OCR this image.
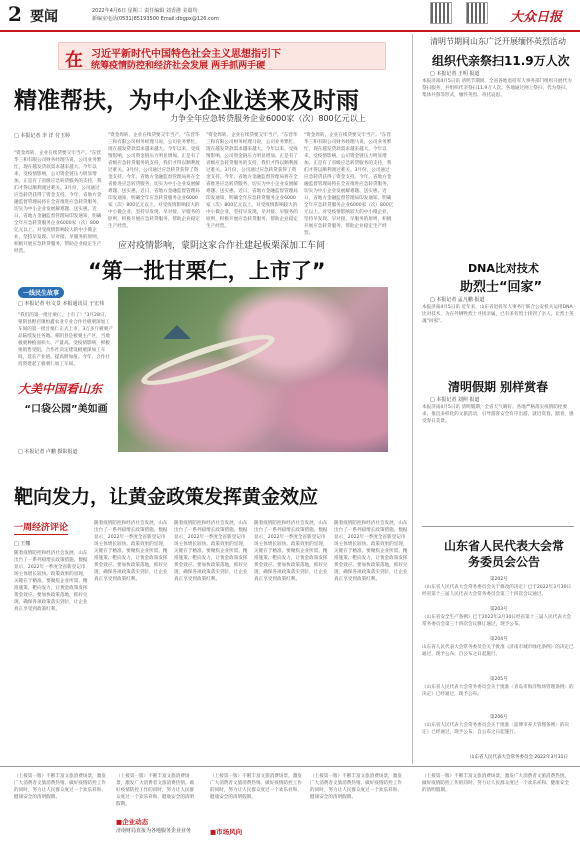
2 要闻	2022年4月6日 星期三 责任编辑 刘香港 美篇均
新编室电话(0531)85193500 Email:dbgpx@126.com	大众日报
在 习近平新时代中国特色社会主义思想指引下
统筹疫情防控和经济社会发展 两手抓两手硬
精准帮扶，为中小企业送来及时雨
力争全年应急转贷服务企业6000家（次）800亿元以上
□ 本报记者 李 洋 付玉婷
"资金周转、企业在续贷要交牢当产。"东营华三和有限公司财务经理马说，公司业务繁忙，现在越发贷款需求越来越大。今年以来，受疫情影响，公司资金链压力明显增加。正是有了省级应急转贷服务的支持，我们才得以顺利渡过难关。3月份，公司通过应急转贷获得了资金支持。今年，省地方金融监督管理局将在全省推进应急转贷服务，切实为中小企业发展解难题、送实惠。近日，省地方金融监督管理局印发通知，明确全年应急转贷服务企业6000家（次）800亿元以上。对受疫情影响较大的中小微企业，坚持早发现、早对接、早服务的原则，积极开展应急转贷服务，帮助企业稳定生产经营。
"资金周转、企业在续贷要交牢当产。"东营华三和有限公司财务经理马说，公司业务繁忙，现在越发贷款需求越来越大。今年以来，受疫情影响，公司资金链压力明显增加。正是有了省级应急转贷服务的支持，我们才得以顺利渡过难关。3月份，公司通过应急转贷获得了资金支持。今年，省地方金融监督管理局将在全省推进应急转贷服务，切实为中小企业发展解难题、送实惠。近日，省地方金融监督管理局印发通知，明确全年应急转贷服务企业6000家（次）800亿元以上。对受疫情影响较大的中小微企业，坚持早发现、早对接、早服务的原则，积极开展应急转贷服务，帮助企业稳定生产经营。
"资金周转、企业在续贷要交牢当产。"东营华三和有限公司财务经理马说，公司业务繁忙，现在越发贷款需求越来越大。今年以来，受疫情影响，公司资金链压力明显增加。正是有了省级应急转贷服务的支持，我们才得以顺利渡过难关。3月份，公司通过应急转贷获得了资金支持。今年，省地方金融监督管理局将在全省推进应急转贷服务，切实为中小企业发展解难题、送实惠。近日，省地方金融监督管理局印发通知，明确全年应急转贷服务企业6000家（次）800亿元以上。对受疫情影响较大的中小微企业，坚持早发现、早对接、早服务的原则，积极开展应急转贷服务，帮助企业稳定生产经营。
"资金周转、企业在续贷要交牢当产。"东营华三和有限公司财务经理马说，公司业务繁忙，现在越发贷款需求越来越大。今年以来，受疫情影响，公司资金链压力明显增加。正是有了省级应急转贷服务的支持，我们才得以顺利渡过难关。3月份，公司通过应急转贷获得了资金支持。今年，省地方金融监督管理局将在全省推进应急转贷服务，切实为中小企业发展解难题、送实惠。近日，省地方金融监督管理局印发通知，明确全年应急转贷服务企业6000家（次）800亿元以上。对受疫情影响较大的中小微企业，坚持早发现、早对接、早服务的原则，积极开展应急转贷服务，帮助企业稳定生产经营。
应对疫情影响，蒙阴这家合作社建起板栗深加工车间
“第一批甘栗仁，上市了”
一线民生故事
□ 本报记者 杜文景 本报通讯员 于宏伟
"我们的第一批甘栗仁，上市了！"3月28日，蒙阴县野店镇恒鑫农业专业合作社板栗深加工车间的第一批甘栗仁正式上市。3万多斤板栗产品陆续发往各地。蒙阴县是板栗主产区，当地板栗种植面积大、产量高。受疫情影响，鲜板栗销售受阻，合作社决定建设板栗深加工车间，延长产业链、提高附加值。今年，合作社投资建起了板栗仁加工车间。
大美中国看山东
“口袋公园”美如画
□ 本报记者 卢鹏 摄影报道
靶向发力，让黄金政策发挥黄金效应
一周经济评论
□ 王娜
随着疫情防控和经济社会发展，山东出台了一系列稳增长政策措施。数据显示，2022年一季度全省新登记市场主体增长较快。政策效果的显现，关键在于精准。要聚焦企业所需，精准施策、靶向发力，让黄金政策发挥黄金效应。要加快政策落地，抓好兑现，确保各项政策落实到位，让企业真正享受到政策红利。
随着疫情防控和经济社会发展，山东出台了一系列稳增长政策措施。数据显示，2022年一季度全省新登记市场主体增长较快。政策效果的显现，关键在于精准。要聚焦企业所需，精准施策、靶向发力，让黄金政策发挥黄金效应。要加快政策落地，抓好兑现，确保各项政策落实到位，让企业真正享受到政策红利。
随着疫情防控和经济社会发展，山东出台了一系列稳增长政策措施。数据显示，2022年一季度全省新登记市场主体增长较快。政策效果的显现，关键在于精准。要聚焦企业所需，精准施策、靶向发力，让黄金政策发挥黄金效应。要加快政策落地，抓好兑现，确保各项政策落实到位，让企业真正享受到政策红利。
随着疫情防控和经济社会发展，山东出台了一系列稳增长政策措施。数据显示，2022年一季度全省新登记市场主体增长较快。政策效果的显现，关键在于精准。要聚焦企业所需，精准施策、靶向发力，让黄金政策发挥黄金效应。要加快政策落地，抓好兑现，确保各项政策落实到位，让企业真正享受到政策红利。
随着疫情防控和经济社会发展，山东出台了一系列稳增长政策措施。数据显示，2022年一季度全省新登记市场主体增长较快。政策效果的显现，关键在于精准。要聚焦企业所需，精准施策、靶向发力，让黄金政策发挥黄金效应。要加快政策落地，抓好兑现，确保各项政策落实到位，让企业真正享受到政策红利。
（上接第一版）不断丰富文旅消费场景，激发广大消费者文旅消费热情。做好疫情防控工作的同时，努力让人民群众度过一个欢乐祥和、健康安全的清明假期。
■企业动态
济南财局直报为各地服务企业业务
（上接第一版）不断丰富文旅消费场景，激发广大消费者文旅消费热情。做好疫情防控工作的同时，努力让人民群众度过一个欢乐祥和、健康安全的清明假期。
■市场风向
（上接第一版）不断丰富文旅消费场景，激发广大消费者文旅消费热情。做好疫情防控工作的同时，努力让人民群众度过一个欢乐祥和、健康安全的清明假期。
（上接第一版）不断丰富文旅消费场景，激发广大消费者文旅消费热情。做好疫情防控工作的同时，努力让人民群众度过一个欢乐祥和、健康安全的清明假期。
（上接第一版）不断丰富文旅消费场景，激发广大消费者文旅消费热情。做好疫情防控工作的同时，努力让人民群众度过一个欢乐祥和、健康安全的清明假期。
清明节期间山东广泛开展缅怀英烈活动
组织代亲祭扫11.9万人次
□ 本报记者 王明 报道
本报济南4月5日讯 清明节期间，全省各地退役军人事务部门组织开展代为祭扫服务，共组织代亲祭扫11.9万人次。各地通过网上祭扫、代为祭扫、集体共祭等形式，缅怀英烈、寄托哀思。
DNA比对技术
助烈士“回家”
□ 本报记者 孟凡鹏 报道
本报济南4月5日讯 近年来，山东省退役军人事务厅联合公安机关运用DNA比对技术，为在外牺牲烈士寻找亲属，已有多名烈士找到了亲人，让烈士英魂“回家”。
清明假期 别样赏春
□ 本报记者 刘照 报道
本报济南4月5日讯 清明假期，全省天气晴好。各地严格落实疫情防控要求，推出多样化的文旅活动，引导游客安全有序出游，就近赏春、踏青，感受春日美景。
山东省人民代表大会常务委员会公告
第202号
《山东省人民代表大会常务委员会关于修改的决定》已于2022年3月30日经省第十三届人民代表大会常务委员会第三十四次会议通过。
第203号
《山东省安全生产条例》已于2022年3月30日经省第十三届人民代表大会常务委员会第三十四次会议修订通过，现予公布。
第204号
山东省人民代表大会常务委员会关于批准《济南市城市绿化条例》的决定已通过，现予公布，自公布之日起施行。
第205号
《山东省人民代表大会常务委员会关于批准〈青岛市海洋牧场管理条例〉的决定》已经通过，现予公布。
第206号
《山东省人民代表大会常务委员会关于批准〈淄博市养犬管理条例〉的决定》已经通过，现予公布，自公布之日起施行。
山东省人民代表大会常务委员会 2022年3月31日
